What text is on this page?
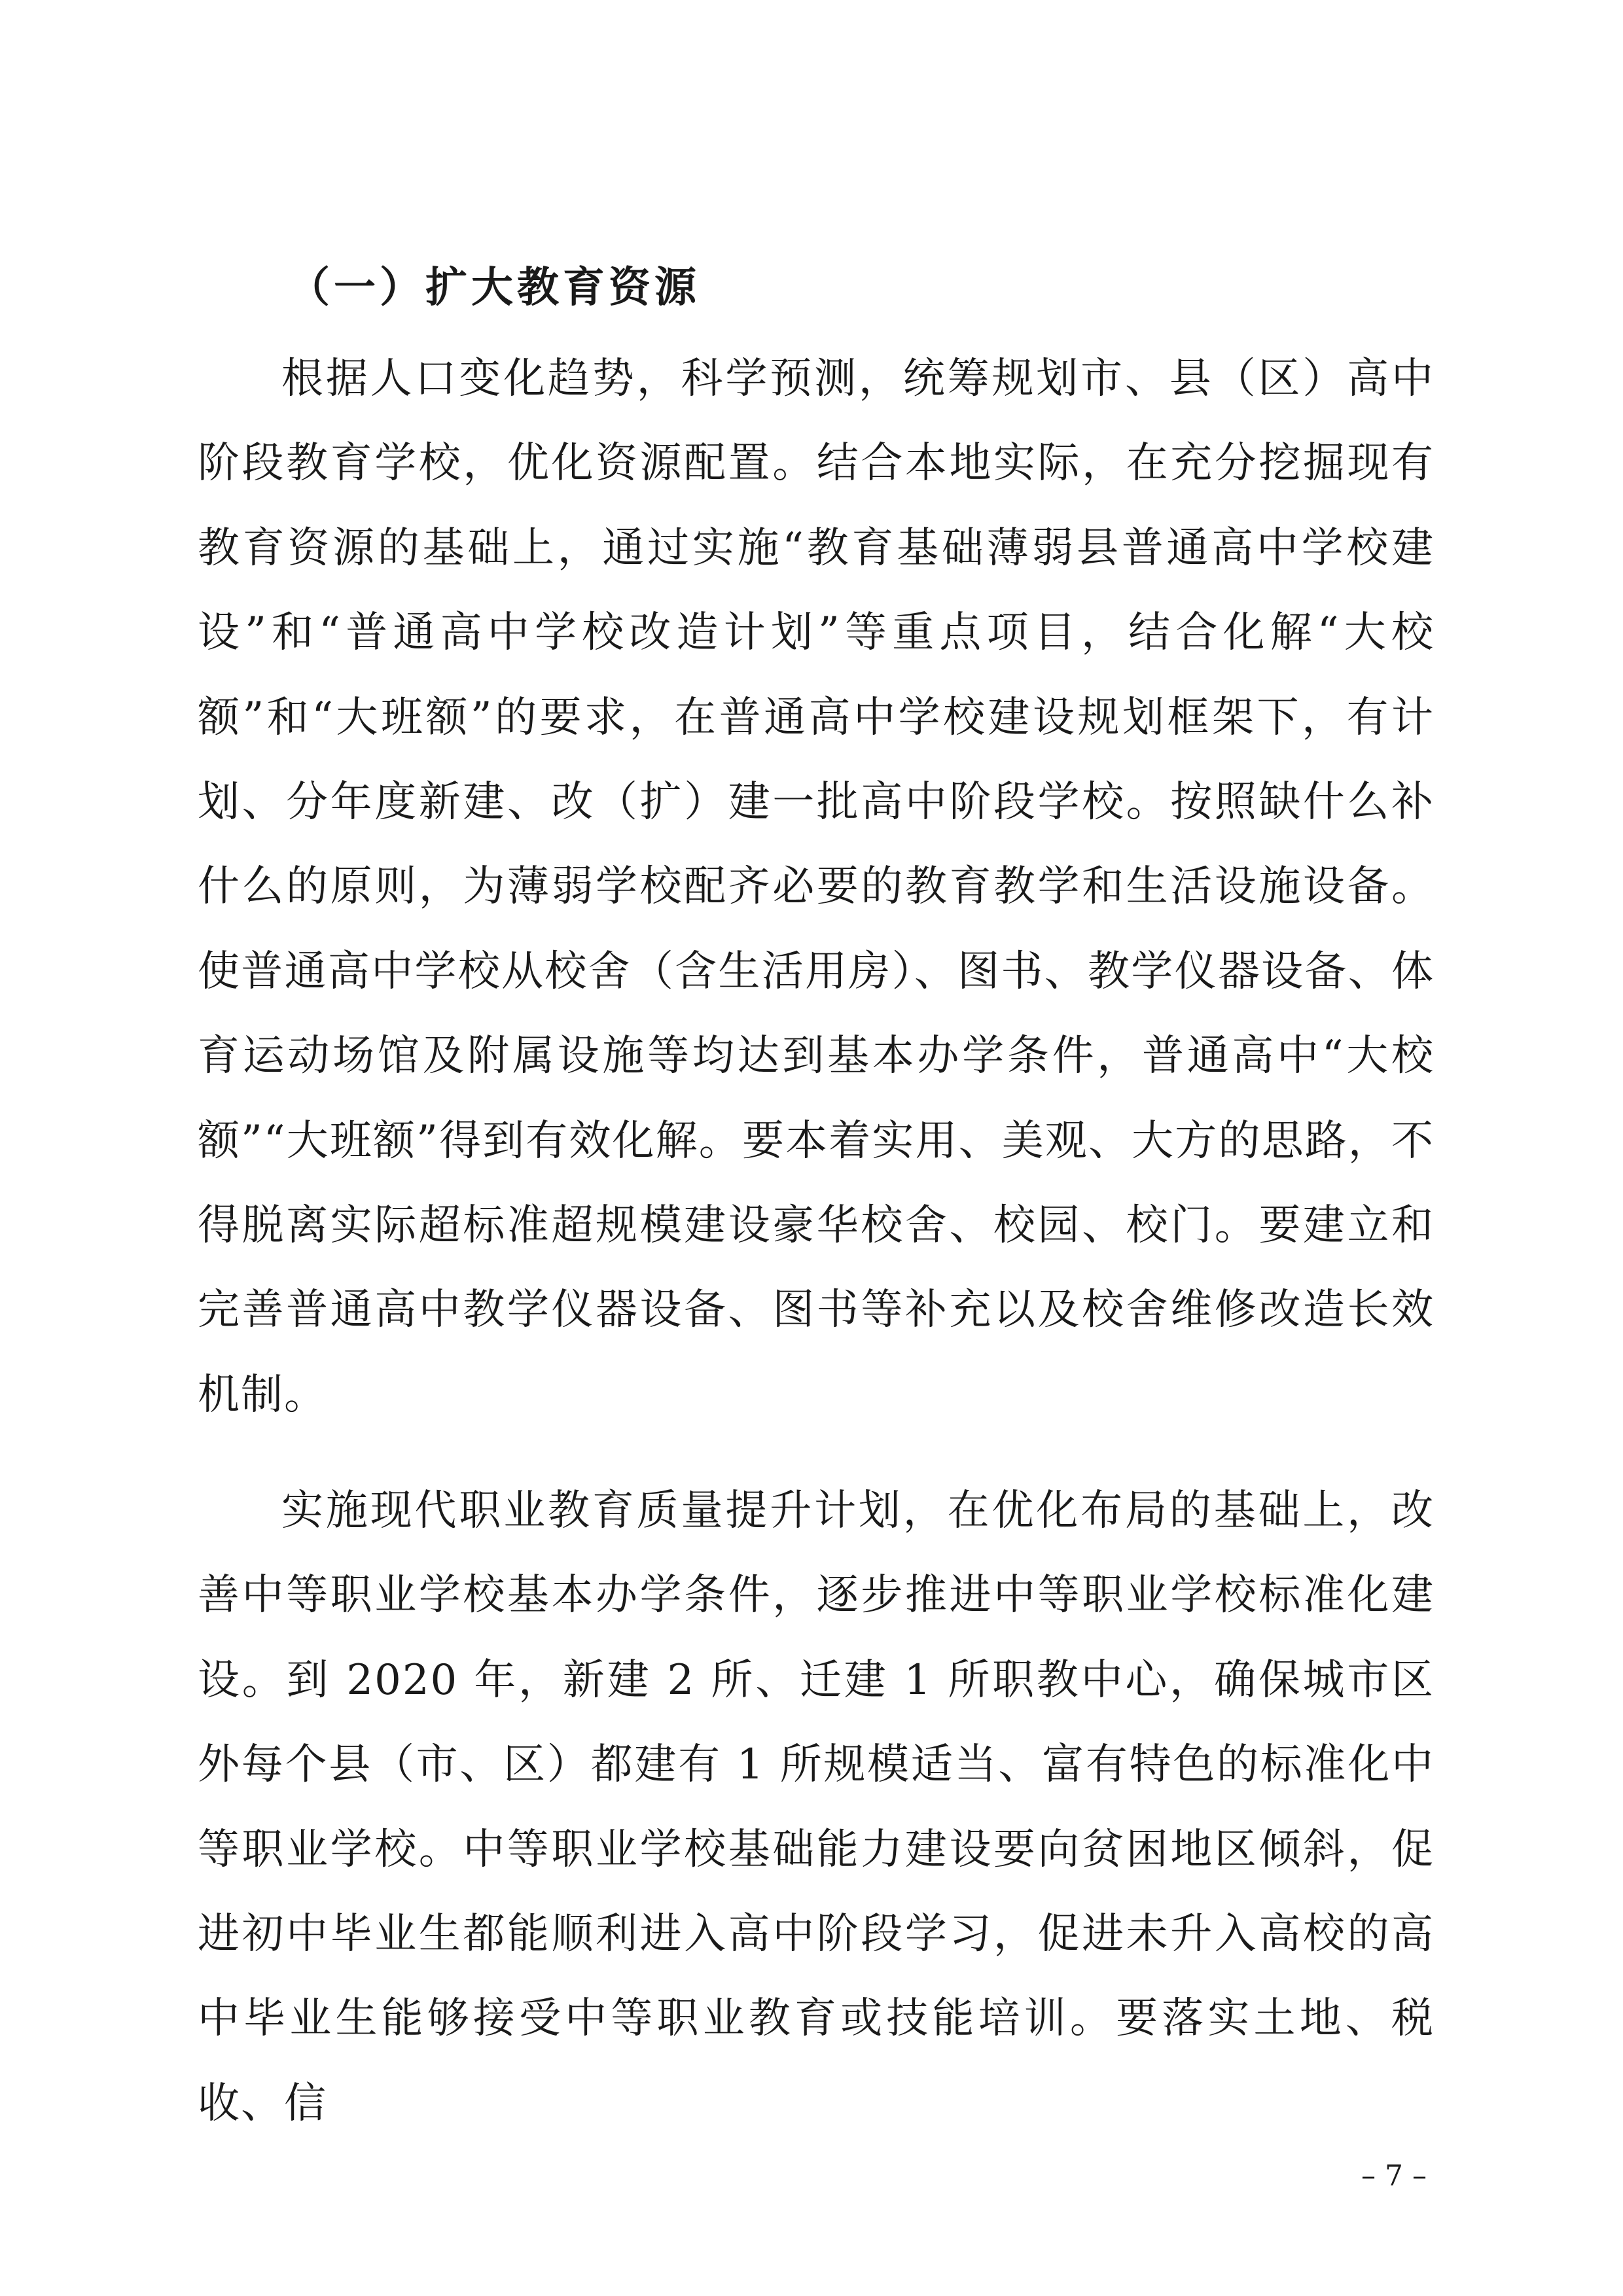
（一）扩大教育资源

根据人口变化趋势，科学预测，统筹规划市、县（区）高中阶段教育学校，优化资源配置。结合本地实际，在充分挖掘现有教育资源的基础上，通过实施“教育基础薄弱县普通高中学校建设”和“普通高中学校改造计划”等重点项目，结合化解“大校额”和“大班额”的要求，在普通高中学校建设规划框架下，有计划、分年度新建、改（扩）建一批高中阶段学校。按照缺什么补什么的原则，为薄弱学校配齐必要的教育教学和生活设施设备。使普通高中学校从校舍（含生活用房）、图书、教学仪器设备、体育运动场馆及附属设施等均达到基本办学条件，普通高中“大校额”“大班额”得到有效化解。要本着实用、美观、大方的思路，不得脱离实际超标准超规模建设豪华校舍、校园、校门。要建立和完善普通高中教学仪器设备、图书等补充以及校舍维修改造长效机制。

实施现代职业教育质量提升计划，在优化布局的基础上，改善中等职业学校基本办学条件，逐步推进中等职业学校标准化建设。到 2020 年，新建 2 所、迁建 1 所职教中心，确保城市区外每个县（市、区）都建有 1 所规模适当、富有特色的标准化中等职业学校。中等职业学校基础能力建设要向贫困地区倾斜，促进初中毕业生都能顺利进入高中阶段学习，促进未升入高校的高中毕业生能够接受中等职业教育或技能培训。要落实土地、税收、信

– 7 –
